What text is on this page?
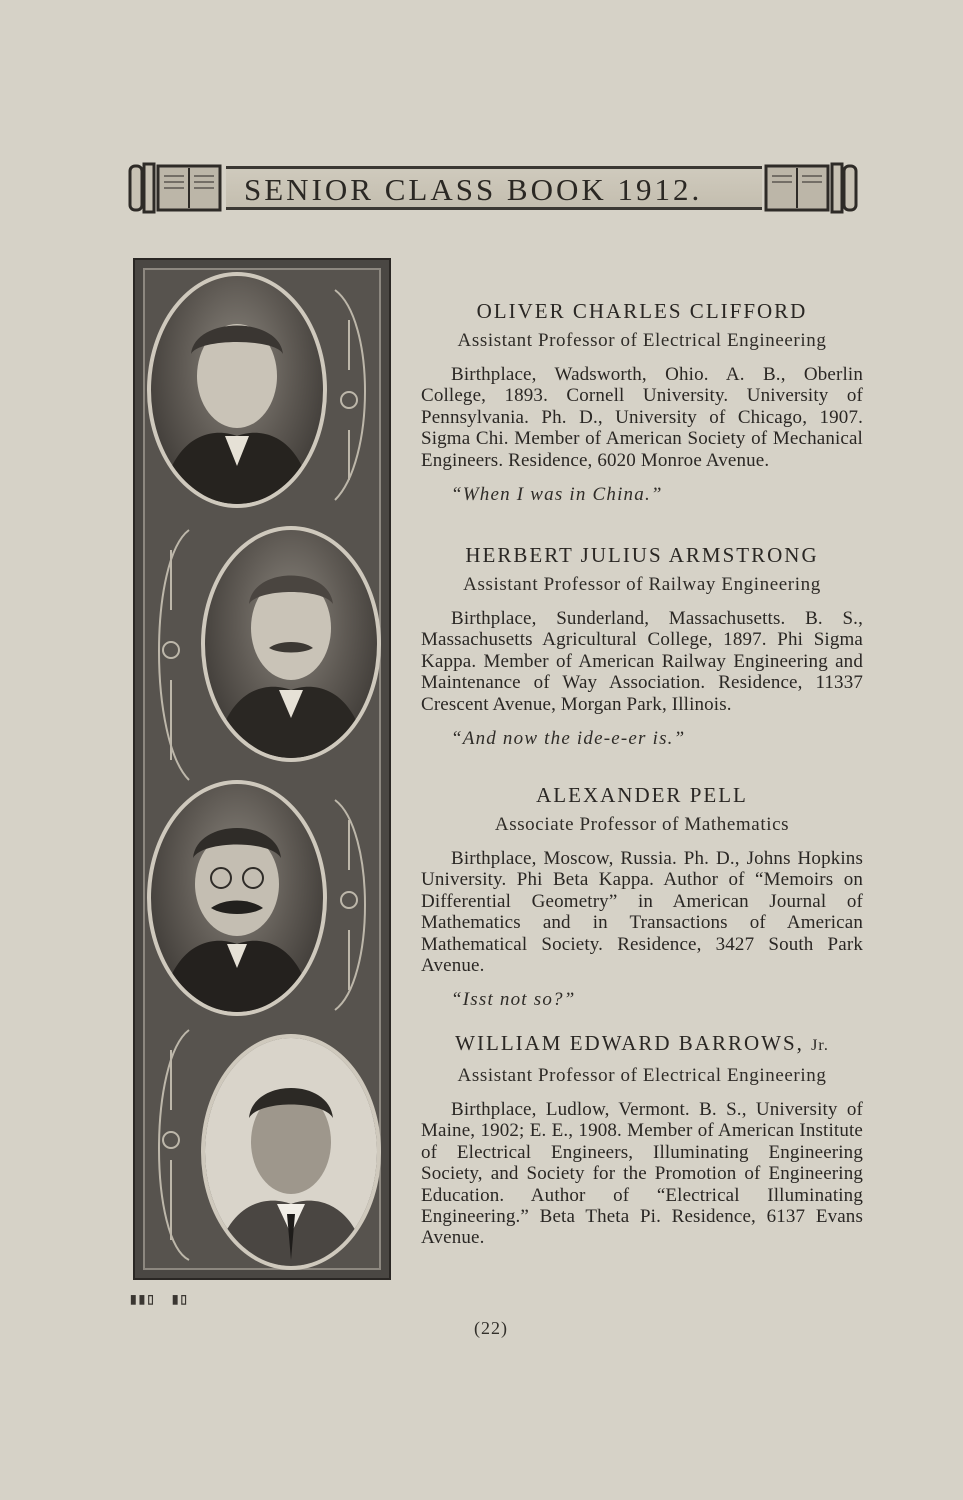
SENIOR CLASS BOOK 1912.
▮▮▯   ▮▯
OLIVER CHARLES CLIFFORD
Assistant Professor of Electrical Engineering
Birthplace, Wadsworth, Ohio. A. B., Oberlin College, 1893. Cornell University. University of Pennsylvania. Ph. D., University of Chicago, 1907. Sigma Chi. Member of American Society of Mechanical Engineers. Residence, 6020 Monroe Avenue.
“When I was in China.”
HERBERT JULIUS ARMSTRONG
Assistant Professor of Railway Engineering
Birthplace, Sunderland, Massachusetts. B. S., Massachusetts Agricultural College, 1897. Phi Sigma Kappa. Member of American Railway Engineering and Maintenance of Way Association. Residence, 11337 Crescent Avenue, Morgan Park, Illinois.
“And now the ide-e-er is.”
ALEXANDER PELL
Associate Professor of Mathematics
Birthplace, Moscow, Russia. Ph. D., Johns Hopkins University. Phi Beta Kappa. Author of “Memoirs on Differential Geometry” in American Journal of Mathematics and in Transactions of American Mathematical Society. Residence, 3427 South Park Avenue.
“Isst not so?”
WILLIAM EDWARD BARROWS, Jr.
Assistant Professor of Electrical Engineering
Birthplace, Ludlow, Vermont. B. S., University of Maine, 1902; E. E., 1908. Member of American Institute of Electrical Engineers, Illuminating Engineering Society, and Society for the Promotion of Engineering Education. Author of “Electrical Illuminating Engineering.” Beta Theta Pi. Residence, 6137 Evans Avenue.
(22)
